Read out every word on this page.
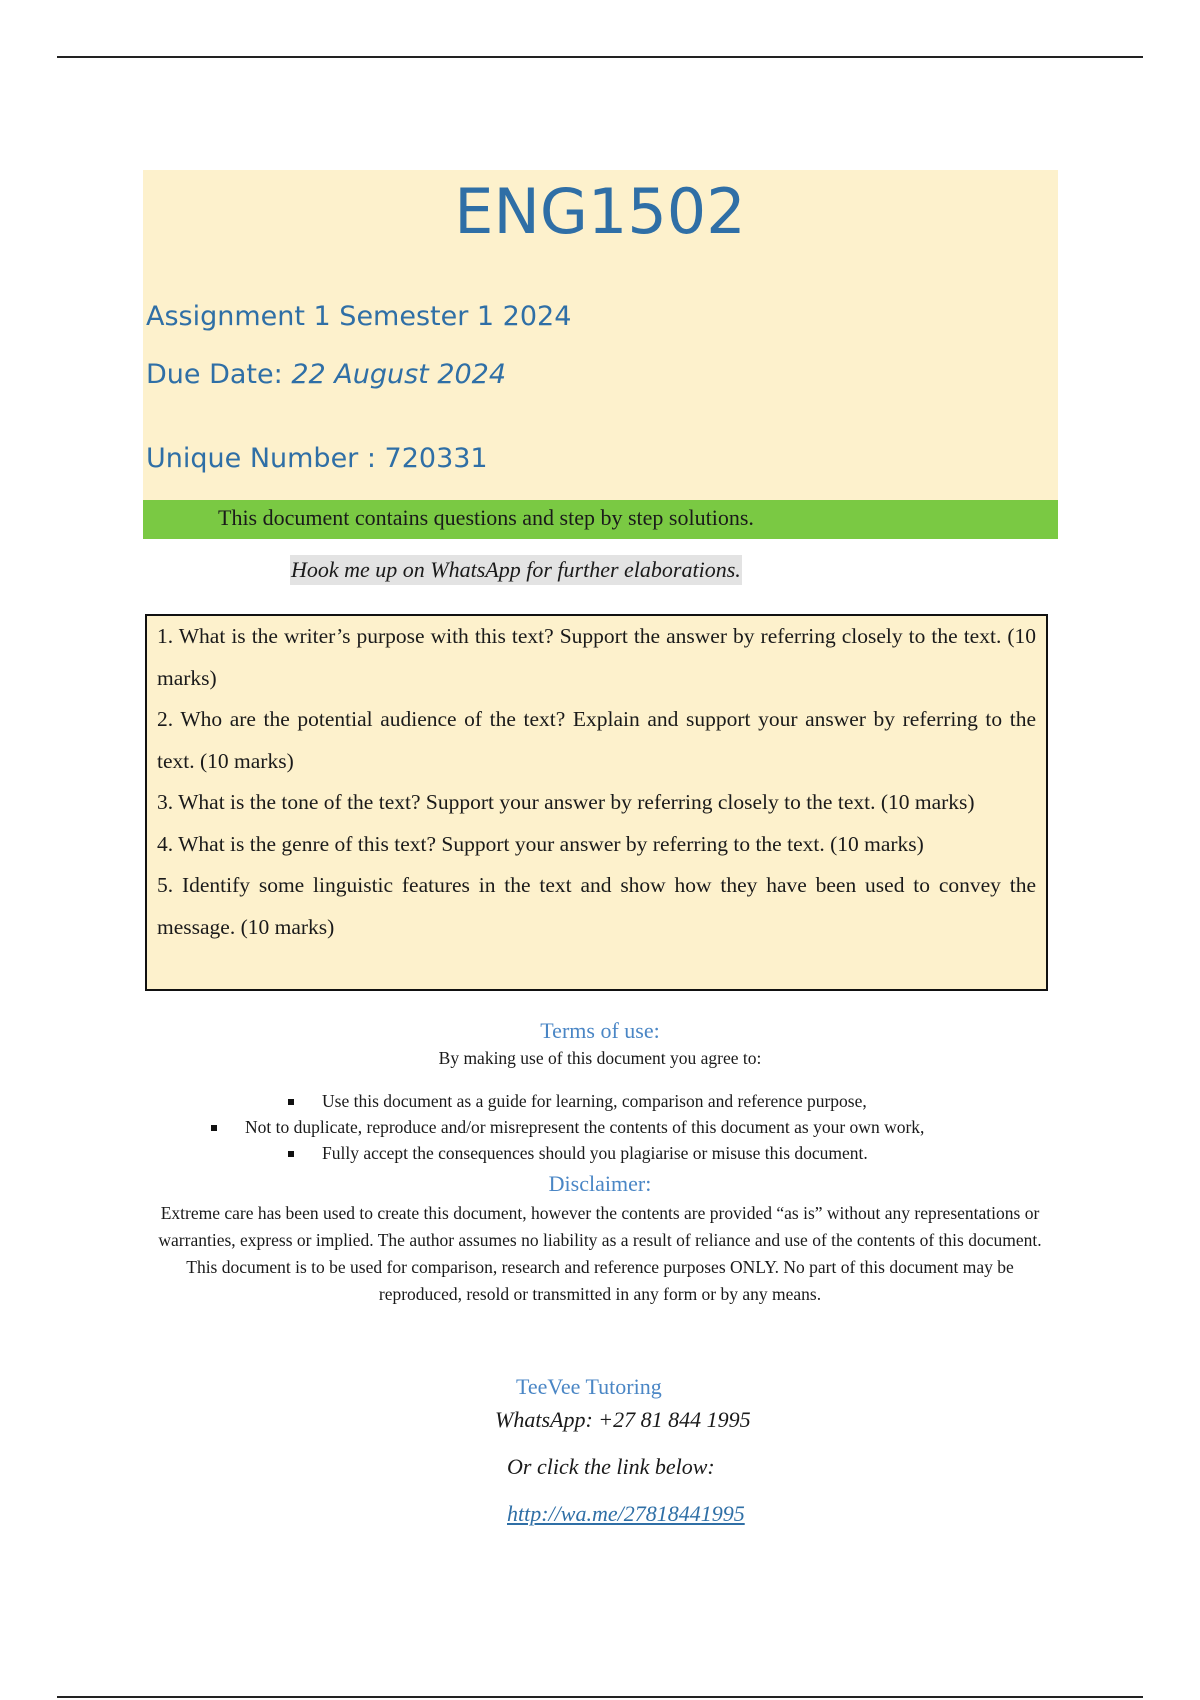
ENG1502
Assignment 1 Semester 1 2024
Due Date: 22 August 2024
Unique Number : 720331
This document contains questions and step by step solutions.
Hook me up on WhatsApp for further elaborations.

1. What is the writer’s purpose with this text? Support the answer by referring closely to the text. (10 marks)

2. Who are the potential audience of the text? Explain and support your answer by referring to the text. (10 marks)

3. What is the tone of the text? Support your answer by referring closely to the text. (10 marks)

4. What is the genre of this text? Support your answer by referring to the text. (10 marks)

5. Identify some linguistic features in the text and show how they have been used to convey the message. (10 marks)

Terms of use:
By making use of this document you agree to:
Use this document as a guide for learning, comparison and reference purpose,
Not to duplicate, reproduce and/or misrepresent the contents of this document as your own work,
Fully accept the consequences should you plagiarise or misuse this document.
Disclaimer:
Extreme care has been used to create this document, however the contents are provided “as is” without any representations or warranties, express or implied. The author assumes no liability as a result of reliance and use of the contents of this document. This document is to be used for comparison, research and reference purposes ONLY. No part of this document may be reproduced, resold or transmitted in any form or by any means.
TeeVee Tutoring
WhatsApp: +27 81 844 1995
Or click the link below:
http://wa.me/27818441995
